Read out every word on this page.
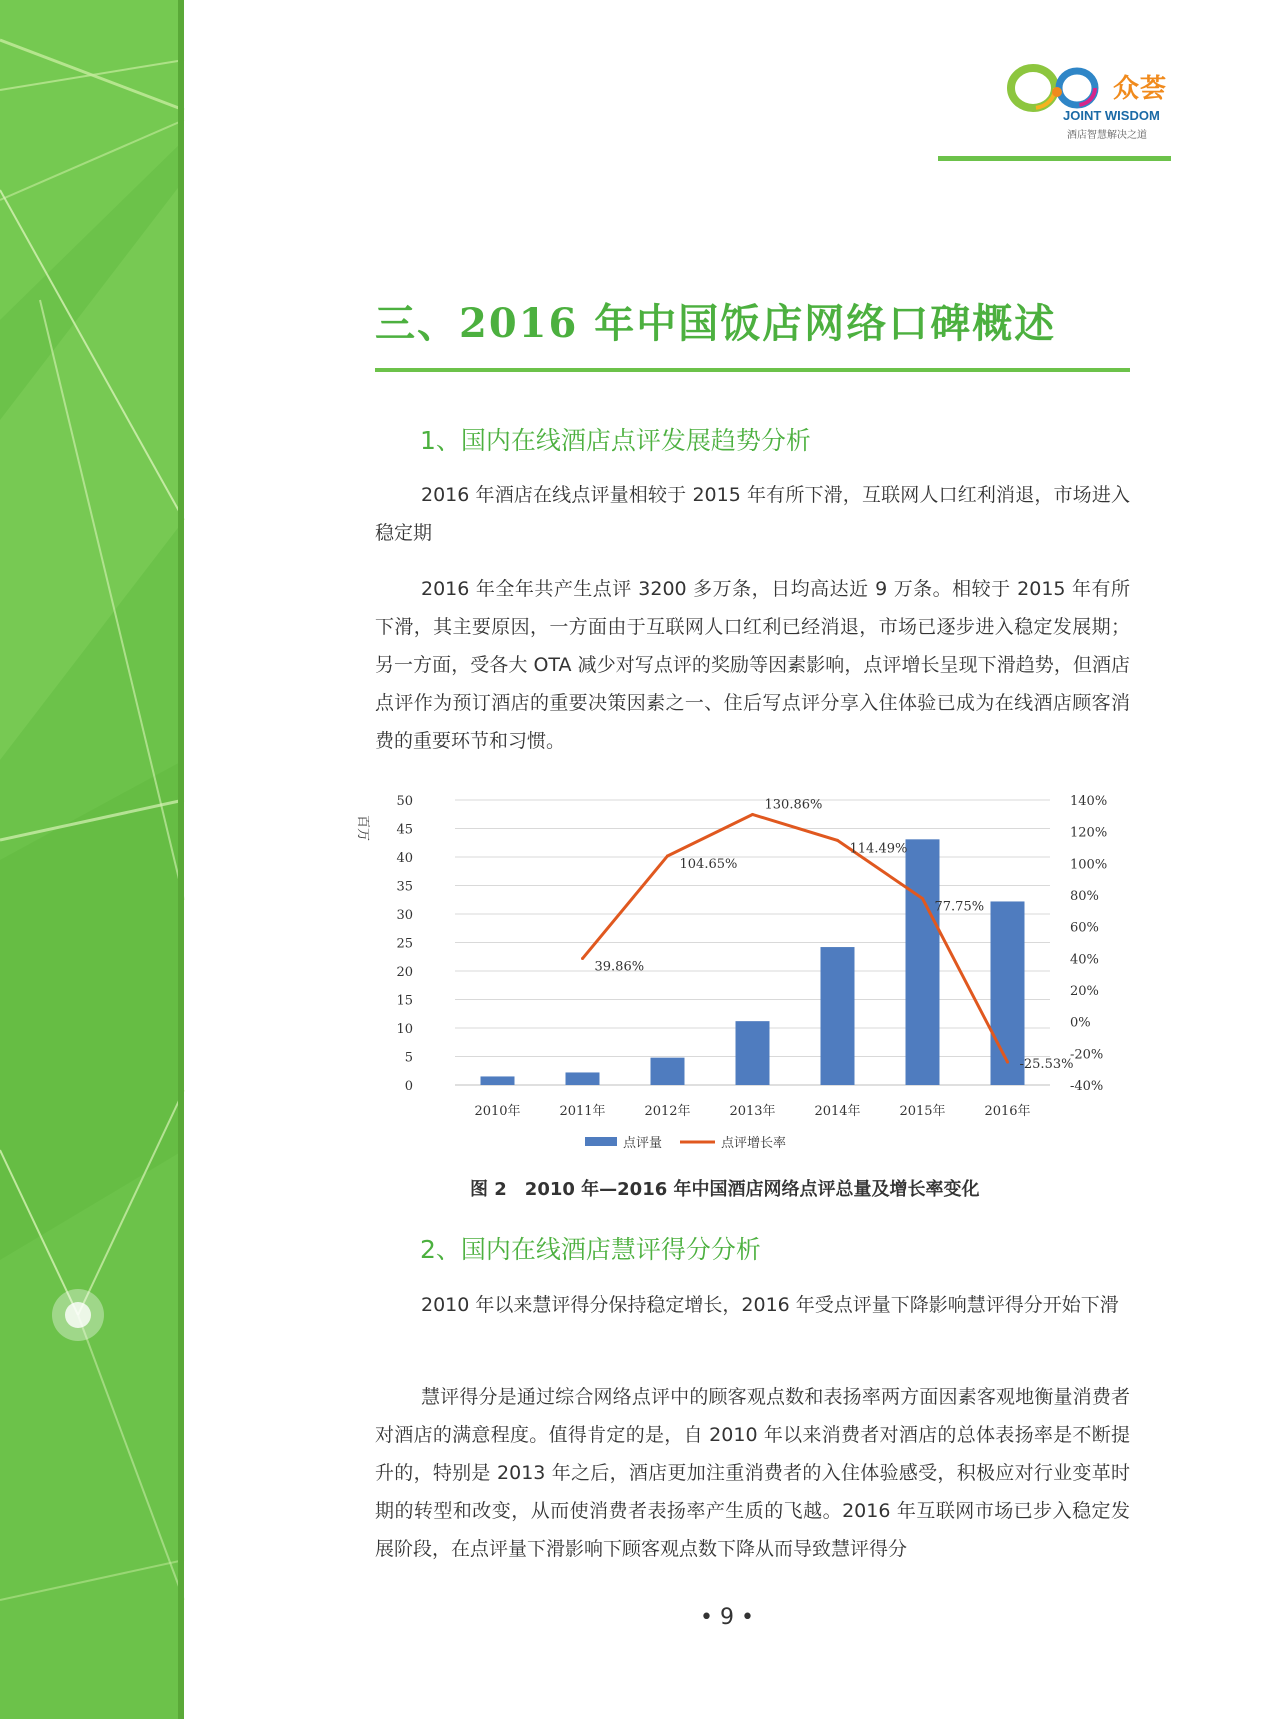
众荟
JOINT WISDOM
酒店智慧解决之道
三、2016 年中国饭店网络口碑概述
1、国内在线酒店点评发展趋势分析

2016 年酒店在线点评量相较于 2015 年有所下滑，互联网人口红利消退，市场进入稳定期

2016 年全年共产生点评 3200 多万条，日均高达近 9 万条。相较于 2015 年有所下滑，其主要原因，一方面由于互联网人口红利已经消退，市场已逐步进入稳定发展期；另一方面，受各大 OTA 减少对写点评的奖励等因素影响，点评增长呈现下滑趋势，但酒店点评作为预订酒店的重要决策因素之一、住后写点评分享入住体验已成为在线酒店顾客消费的重要环节和习惯。

0
5
10
15
20
25
30
35
40
45
50
-40%
-20%
0%
20%
40%
60%
80%
100%
120%
140%
百万
2010年	2011年	2012年	2013年	2014年	2015年	2016年
39.86%
104.65%
130.86%
114.49%
77.75%
-25.53%
点评量	点评增长率
图 2　2010 年—2016 年中国酒店网络点评总量及增长率变化
2、国内在线酒店慧评得分分析

2010 年以来慧评得分保持稳定增长，2016 年受点评量下降影响慧评得分开始下滑

慧评得分是通过综合网络点评中的顾客观点数和表扬率两方面因素客观地衡量消费者对酒店的满意程度。值得肯定的是，自 2010 年以来消费者对酒店的总体表扬率是不断提升的，特别是 2013 年之后，酒店更加注重消费者的入住体验感受，积极应对行业变革时期的转型和改变，从而使消费者表扬率产生质的飞越。2016 年互联网市场已步入稳定发展阶段，在点评量下滑影响下顾客观点数下降从而导致慧评得分

• 9 •
